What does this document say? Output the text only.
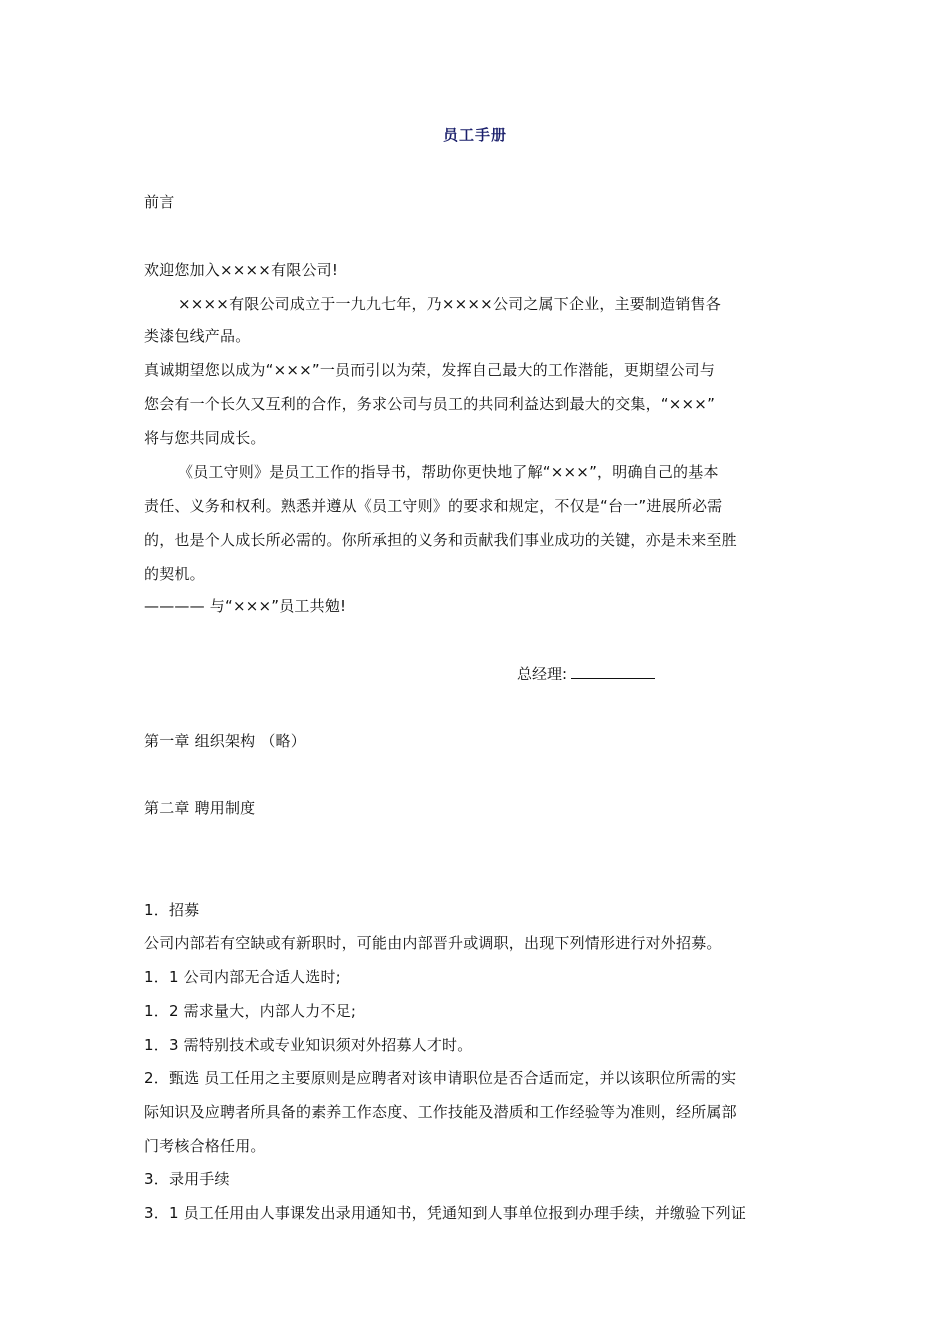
员工手册
前言
欢迎您加入××××有限公司!
××××有限公司成立于一九九七年，乃××××公司之属下企业，主要制造销售各
类漆包线产品。
真诚期望您以成为“×××”一员而引以为荣，发挥自己最大的工作潜能，更期望公司与
您会有一个长久又互利的合作，务求公司与员工的共同利益达到最大的交集，“×××”
将与您共同成长。
《员工守则》是员工工作的指导书，帮助你更快地了解“×××”，明确自己的基本
责任、义务和权利。熟悉并遵从《员工守则》的要求和规定，不仅是“台一”进展所必需
的，也是个人成长所必需的。你所承担的义务和贡献我们事业成功的关键，亦是未来至胜
的契机。
———— 与“×××”员工共勉!
总经理:
第一章 组织架构 （略）
第二章 聘用制度
1．招募
公司内部若有空缺或有新职时，可能由内部晋升或调职，出现下列情形进行对外招募。
1．1 公司内部无合适人选时;
1．2 需求量大，内部人力不足;
1．3 需特别技术或专业知识须对外招募人才时。
2．甄选 员工任用之主要原则是应聘者对该申请职位是否合适而定，并以该职位所需的实
际知识及应聘者所具备的素养工作态度、工作技能及潜质和工作经验等为准则，经所属部
门考核合格任用。
3．录用手续
3．1 员工任用由人事课发出录用通知书，凭通知到人事单位报到办理手续，并缴验下列证
